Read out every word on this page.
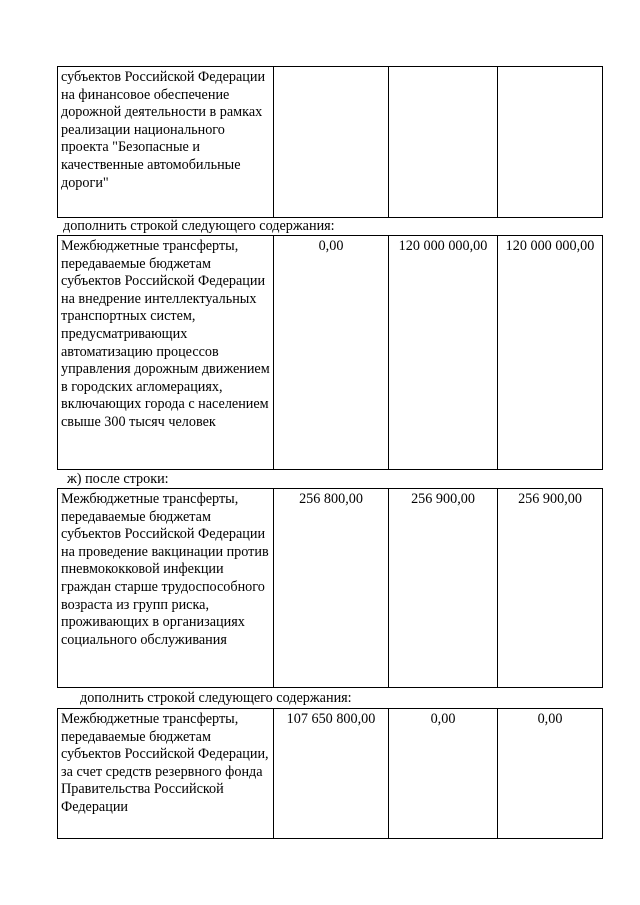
субъектов Российской Федерации на финансовое обеспечение дорожной деятельности в рамках реализации национального проекта "Безопасные и качественные автомобильные дороги"			
дополнить строкой следующего содержания:
Межбюджетные трансферты, передаваемые бюджетам субъектов Российской Федерации на внедрение интеллектуальных транспортных систем, предусматривающих автоматизацию процессов управления дорожным движением в городских агломерациях, включающих города с населением свыше 300 тысяч человек	0,00	120 000 000,00	120 000 000,00
ж) после строки:
Межбюджетные трансферты, передаваемые бюджетам субъектов Российской Федерации на проведение вакцинации против пневмококковой инфекции граждан старше трудоспособного возраста из групп риска, проживающих в организациях социального обслуживания	256 800,00	256 900,00	256 900,00
дополнить строкой следующего содержания:
Межбюджетные трансферты, передаваемые бюджетам субъектов Российской Федерации, за счет средств резервного фонда Правительства Российской Федерации	107 650 800,00	0,00	0,00
